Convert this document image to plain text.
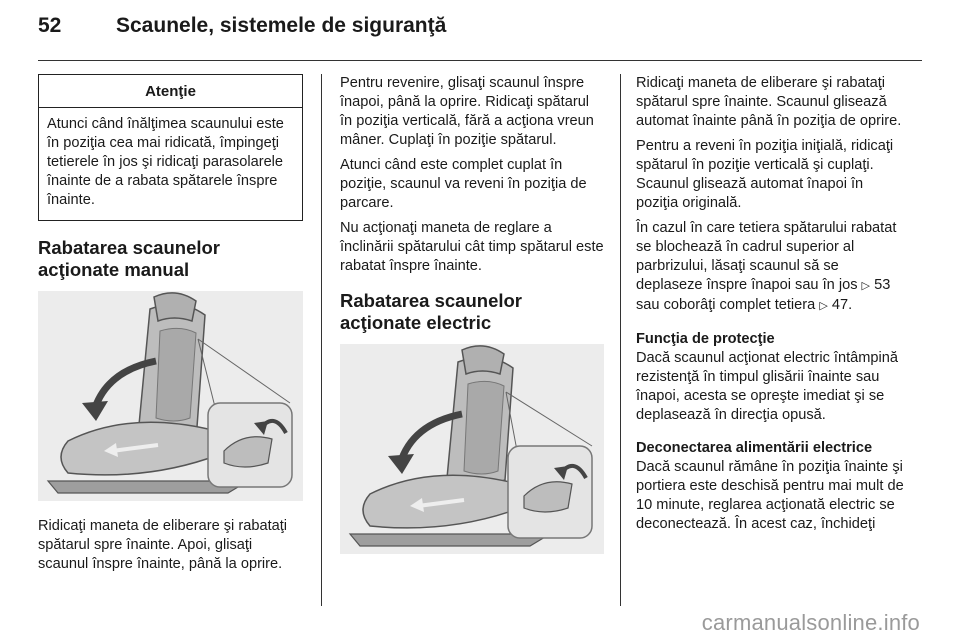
52	Scaunele, sistemele de siguranţă
Atenţie
Atunci când înălţimea scaunului este în poziţia cea mai ridicată, împingeţi tetierele în jos şi ridicaţi parasolarele înainte de a rabata spătarele înspre înainte.
Rabatarea scaunelor acţionate manual

Ridicaţi maneta de eliberare şi rabataţi spătarul spre înainte. Apoi, glisaţi scaunul înspre înainte, până la oprire.

Pentru revenire, glisaţi scaunul înspre înapoi, până la oprire. Ridicaţi spătarul în poziţia verticală, fără a acţiona vreun mâner. Cuplaţi în poziţie spătarul.

Atunci când este complet cuplat în poziţie, scaunul va reveni în poziţia de parcare.

Nu acţionaţi maneta de reglare a înclinării spătarului cât timp spătarul este rabatat înspre înainte.

Rabatarea scaunelor acţionate electric

Ridicaţi maneta de eliberare şi rabataţi spătarul spre înainte. Scaunul glisează automat înainte până în poziţia de oprire.

Pentru a reveni în poziţia iniţială, ridicaţi spătarul în poziţie verticală şi cuplaţi. Scaunul glisează automat înapoi în poziţia originală.

În cazul în care tetiera spătarului rabatat se blochează în cadrul superior al parbrizului, lăsaţi scaunul să se deplaseze înspre înapoi sau în jos ▷ 53 sau coborâţi complet tetiera ▷ 47.

Funcţia de protecţie

Dacă scaunul acţionat electric întâmpină rezistenţă în timpul glisării înainte sau înapoi, acesta se opreşte imediat şi se deplasează în direcţia opusă.

Deconectarea alimentării electrice

Dacă scaunul rămâne în poziţia înainte şi portiera este deschisă pentru mai mult de 10 minute, reglarea acţionată electric se deconectează. În acest caz, închideţi

carmanualsonline.info
